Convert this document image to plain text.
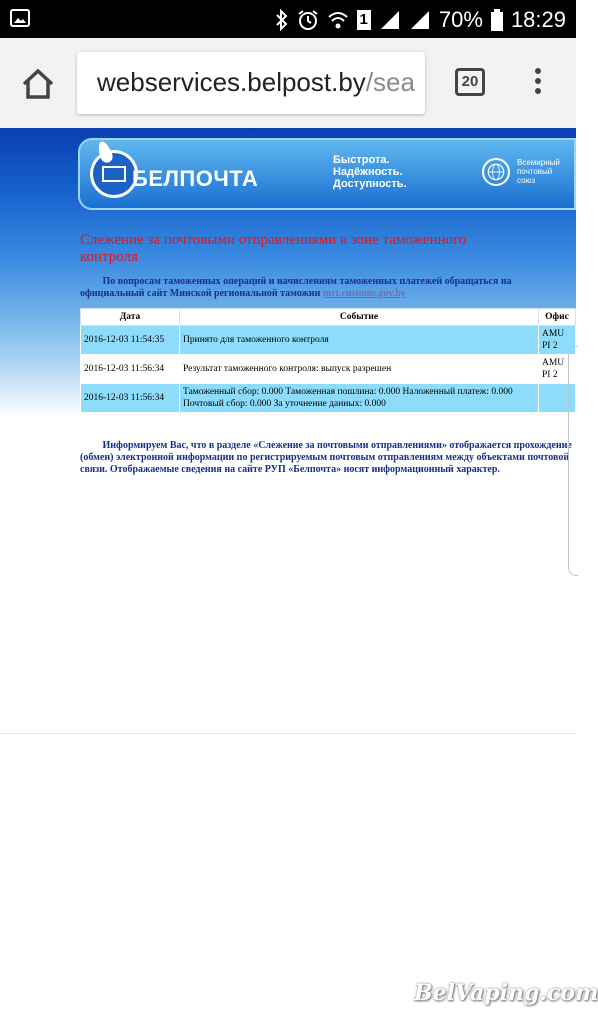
1	70% 18:29
webservices.belpost.by/sea	20
БЕЛПОЧТА
Быстрота.
Надёжность.
Доступность.
Всемирный
почтовый
союз
Слежение за почтовыми отправлениями в зоне таможенного контроля
По вопросам таможенных операций и начислениям таможенных платежей обращаться на официальный сайт Минской региональной таможни mrt.customs.gov.by
Дата	Событие	Офис
2016-12-03 11:54:35	Принято для таможенного контроля	AMU PI 2
2016-12-03 11:56:34	Результат таможенного контроля: выпуск разрешен	AMU PI 2
2016-12-03 11:56:34	Таможенный сбор: 0.000 Таможенная пошлина: 0.000 Наложенный платеж: 0.000 Почтовый сбор: 0.000 За уточнение данных: 0.000	
Информируем Вас, что в разделе «Слежение за почтовыми отправлениями» отображается прохождение (обмен) электронной информации по регистрируемым почтовым отправлениям между объектами почтовой связи. Отображаемые сведения на сайте РУП «Белпочта» носят информационный характер.
BelVaping.com
